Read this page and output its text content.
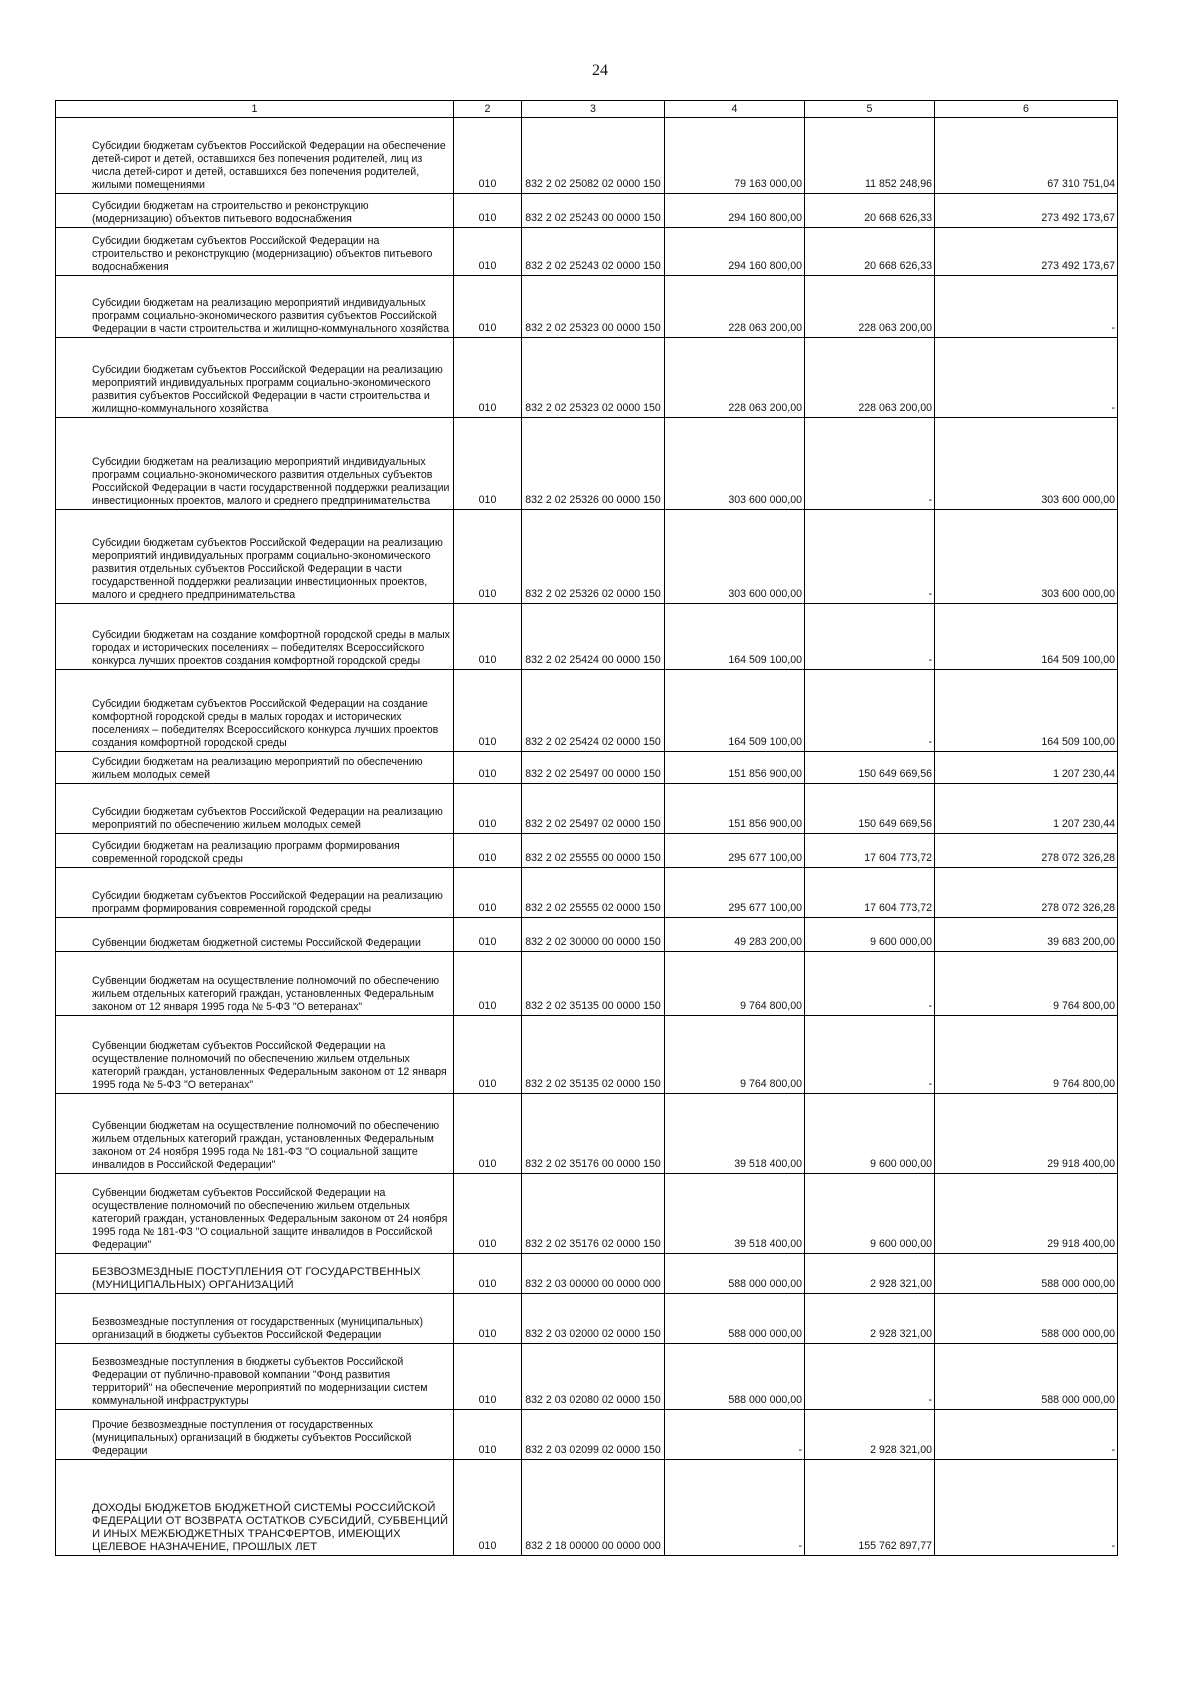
24
1	2	3	4	5	6
Субсидии бюджетам субъектов Российской Федерации на обеспечение детей-сирот и детей, оставшихся без попечения родителей, лиц из числа детей-сирот и детей, оставшихся без попечения родителей, жилыми помещениями	010	832 2 02 25082 02 0000 150	79 163 000,00	11 852 248,96	67 310 751,04
Субсидии бюджетам на строительство и реконструкцию (модернизацию) объектов питьевого водоснабжения	010	832 2 02 25243 00 0000 150	294 160 800,00	20 668 626,33	273 492 173,67
Субсидии бюджетам субъектов Российской Федерации на строительство и реконструкцию (модернизацию) объектов питьевого водоснабжения	010	832 2 02 25243 02 0000 150	294 160 800,00	20 668 626,33	273 492 173,67
Субсидии бюджетам на реализацию мероприятий индивидуальных программ социально-экономического развития субъектов Российской Федерации в части строительства и жилищно-коммунального хозяйства	010	832 2 02 25323 00 0000 150	228 063 200,00	228 063 200,00	-
Субсидии бюджетам субъектов Российской Федерации на реализацию мероприятий индивидуальных программ социально-экономического развития субъектов Российской Федерации в части строительства и жилищно-коммунального хозяйства	010	832 2 02 25323 02 0000 150	228 063 200,00	228 063 200,00	-
Субсидии бюджетам на реализацию мероприятий индивидуальных программ социально-экономического развития отдельных субъектов Российской Федерации в части государственной поддержки реализации инвестиционных проектов, малого и среднего предпринимательства	010	832 2 02 25326 00 0000 150	303 600 000,00	-	303 600 000,00
Субсидии бюджетам субъектов Российской Федерации на реализацию мероприятий индивидуальных программ социально-экономического развития отдельных субъектов Российской Федерации в части государственной поддержки реализации инвестиционных проектов, малого и среднего предпринимательства	010	832 2 02 25326 02 0000 150	303 600 000,00	-	303 600 000,00
Субсидии бюджетам на создание комфортной городской среды в малых городах и исторических поселениях – победителях Всероссийского конкурса лучших проектов создания комфортной городской среды	010	832 2 02 25424 00 0000 150	164 509 100,00	-	164 509 100,00
Субсидии бюджетам субъектов Российской Федерации на создание комфортной городской среды в малых городах и исторических поселениях – победителях Всероссийского конкурса лучших проектов создания комфортной городской среды	010	832 2 02 25424 02 0000 150	164 509 100,00	-	164 509 100,00
Субсидии бюджетам на реализацию мероприятий по обеспечению жильем молодых семей	010	832 2 02 25497 00 0000 150	151 856 900,00	150 649 669,56	1 207 230,44
Субсидии бюджетам субъектов Российской Федерации на реализацию мероприятий по обеспечению жильем молодых семей	010	832 2 02 25497 02 0000 150	151 856 900,00	150 649 669,56	1 207 230,44
Субсидии бюджетам на реализацию программ формирования современной городской среды	010	832 2 02 25555 00 0000 150	295 677 100,00	17 604 773,72	278 072 326,28
Субсидии бюджетам субъектов Российской Федерации на реализацию программ формирования современной городской среды	010	832 2 02 25555 02 0000 150	295 677 100,00	17 604 773,72	278 072 326,28
Субвенции бюджетам бюджетной системы Российской Федерации	010	832 2 02 30000 00 0000 150	49 283 200,00	9 600 000,00	39 683 200,00
Субвенции бюджетам на осуществление полномочий по обеспечению жильем отдельных категорий граждан, установленных Федеральным законом от 12 января 1995 года № 5-ФЗ "О ветеранах"	010	832 2 02 35135 00 0000 150	9 764 800,00	-	9 764 800,00
Субвенции бюджетам субъектов Российской Федерации на осуществление полномочий по обеспечению жильем отдельных категорий граждан, установленных Федеральным законом от 12 января 1995 года № 5-ФЗ "О ветеранах"	010	832 2 02 35135 02 0000 150	9 764 800,00	-	9 764 800,00
Субвенции бюджетам на осуществление полномочий по обеспечению жильем отдельных категорий граждан, установленных Федеральным законом от 24 ноября 1995 года № 181-ФЗ "О социальной защите инвалидов в Российской Федерации"	010	832 2 02 35176 00 0000 150	39 518 400,00	9 600 000,00	29 918 400,00
Субвенции бюджетам субъектов Российской Федерации на осуществление полномочий по обеспечению жильем отдельных категорий граждан, установленных Федеральным законом от 24 ноября 1995 года № 181-ФЗ "О социальной защите инвалидов в Российской Федерации"	010	832 2 02 35176 02 0000 150	39 518 400,00	9 600 000,00	29 918 400,00
БЕЗВОЗМЕЗДНЫЕ ПОСТУПЛЕНИЯ ОТ ГОСУДАРСТВЕННЫХ (МУНИЦИПАЛЬНЫХ) ОРГАНИЗАЦИЙ	010	832 2 03 00000 00 0000 000	588 000 000,00	2 928 321,00	588 000 000,00
Безвозмездные поступления от государственных (муниципальных) организаций в бюджеты субъектов Российской Федерации	010	832 2 03 02000 02 0000 150	588 000 000,00	2 928 321,00	588 000 000,00
Безвозмездные поступления в бюджеты субъектов Российской Федерации от публично-правовой компании "Фонд развития территорий" на обеспечение мероприятий по модернизации систем коммунальной инфраструктуры	010	832 2 03 02080 02 0000 150	588 000 000,00	-	588 000 000,00
Прочие безвозмездные поступления от государственных (муниципальных) организаций в бюджеты субъектов Российской Федерации	010	832 2 03 02099 02 0000 150	-	2 928 321,00	-
ДОХОДЫ БЮДЖЕТОВ БЮДЖЕТНОЙ СИСТЕМЫ РОССИЙСКОЙ ФЕДЕРАЦИИ ОТ ВОЗВРАТА ОСТАТКОВ СУБСИДИЙ, СУБВЕНЦИЙ И ИНЫХ МЕЖБЮДЖЕТНЫХ ТРАНСФЕРТОВ, ИМЕЮЩИХ ЦЕЛЕВОЕ НАЗНАЧЕНИЕ, ПРОШЛЫХ ЛЕТ	010	832 2 18 00000 00 0000 000	-	155 762 897,77	-
